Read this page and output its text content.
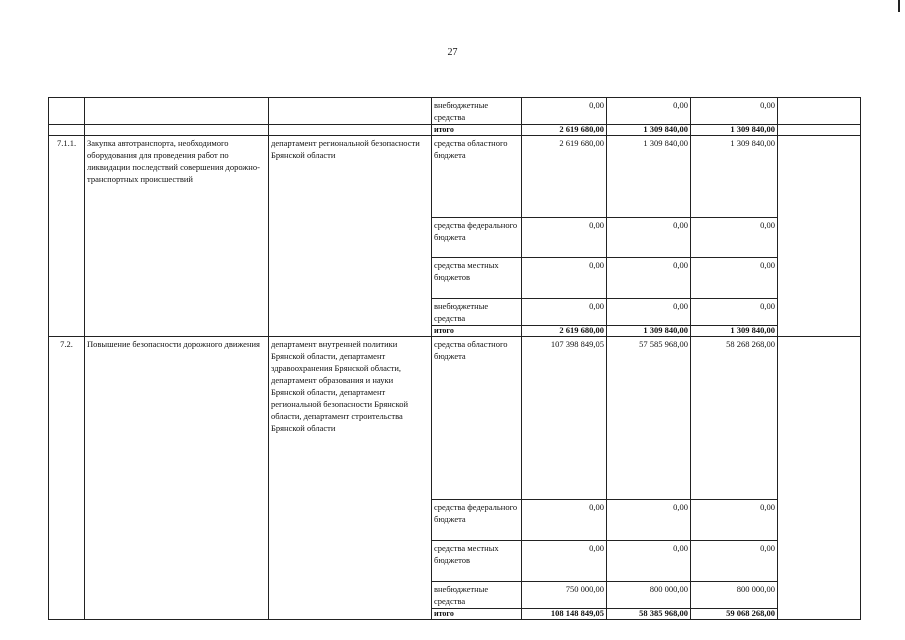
27
			внебюджетные средства	0,00	0,00	0,00	
			итого	2 619 680,00	1 309 840,00	1 309 840,00	
7.1.1.	Закупка автотранспорта, необходимого оборудования для проведения работ по ликвидации последствий совершения дорожно-транспортных происшествий	департамент региональной безопасности Брянской области	средства областного бюджета	2 619 680,00	1 309 840,00	1 309 840,00	
			средства федерального бюджета	0,00	0,00	0,00	
			средства местных бюджетов	0,00	0,00	0,00	
			внебюджетные средства	0,00	0,00	0,00	
			итого	2 619 680,00	1 309 840,00	1 309 840,00	
7.2.	Повышение безопасности дорожного движения	департамент внутренней политики Брянской области, департамент здравоохранения Брянской области, департамент образования и науки Брянской области, департамент региональной безопасности Брянской области, департамент строительства Брянской области	средства областного бюджета	107 398 849,05	57 585 968,00	58 268 268,00	
			средства федерального бюджета	0,00	0,00	0,00	
			средства местных бюджетов	0,00	0,00	0,00	
			внебюджетные средства	750 000,00	800 000,00	800 000,00	
			итого	108 148 849,05	58 385 968,00	59 068 268,00	
